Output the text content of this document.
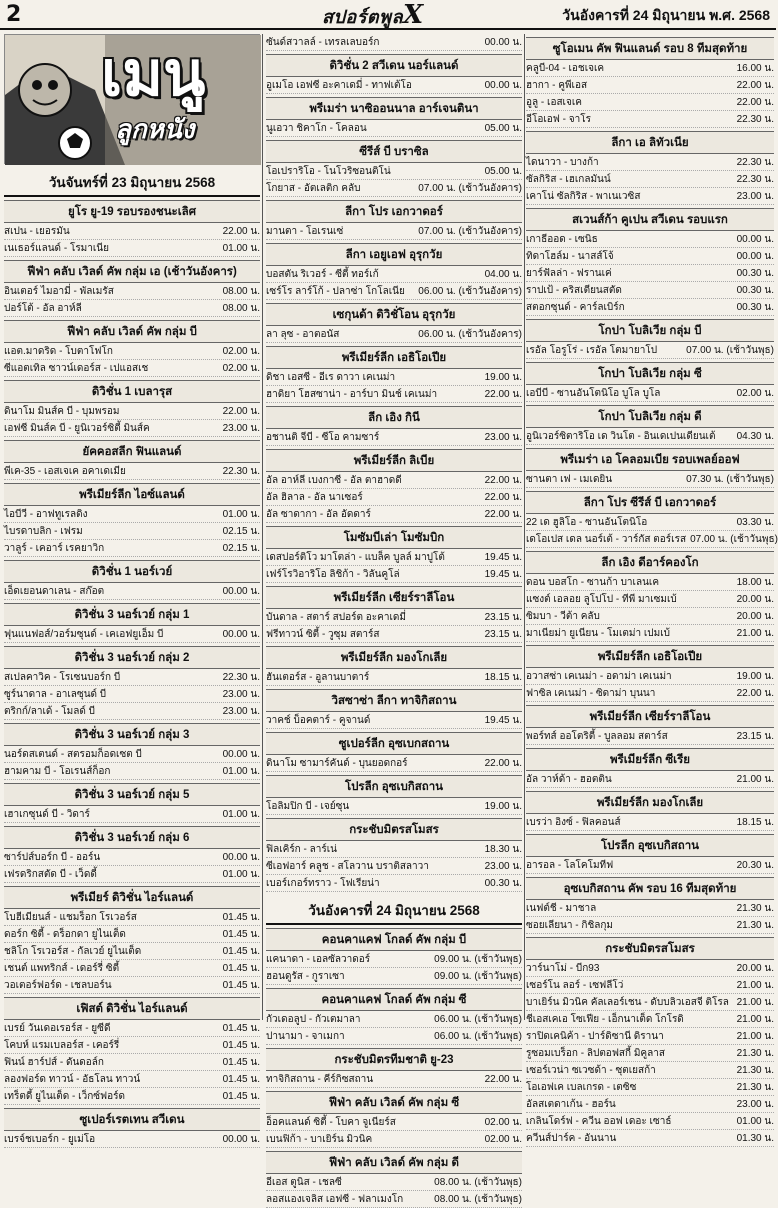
2	สปอร์ตพูลX	วันอังคารที่ 24 มิถุนายน พ.ศ. 2568
เมนู
ลูกหนัง
วันจันทร์ที่ 23 มิถุนายน 2568
ยูโร ยู-19 รอบรองชนะเลิศ
สเปน - เยอรมัน	22.00 น.
เนเธอร์แลนด์ - โรมาเนีย	01.00 น.
ฟีฟ่า คลับ เวิลด์ คัพ กลุ่ม เอ (เช้าวันอังคาร)
อินเตอร์ ไมอามี่ - พัลเมรัส	08.00 น.
ปอร์โต้ - อัล อาห์ลี	08.00 น.
ฟีฟ่า คลับ เวิลด์ คัพ กลุ่ม บี
แอต.มาดริด - โบตาโฟโก	02.00 น.
ซีแอตเทิล ซาวน์เดอร์ส - เปแอสเช	02.00 น.
ดิวิชั่น 1 เบลารุส
ดินาโม มินส์ค บี - บุมพรอม	22.00 น.
เอฟซี มินส์ค บี - ยูนิเวอร์ซิตี้ มินส์ค	23.00 น.
ยัคคอสลีก ฟินแลนด์
พีเค-35 - เอสเจเค อคาเดเมีย	22.30 น.
พรีเมียร์ลีก ไอซ์แลนด์
ไอบีวี - อาฟทูเรลดิง	01.00 น.
ไบรดาบลิก - เฟรม	02.15 น.
วาลูร์ - เคอาร์ เรคยาวิก	02.15 น.
ดิวิชั่น 1 นอร์เวย์
เอ็ดเยอนดาเลน - สก๊อต	00.00 น.
ดิวิชั่น 3 นอร์เวย์ กลุ่ม 1
ฟุนแนฟอส์/วอร์มซุนด์ - เคเอฟยูเอ็ม บี	00.00 น.
ดิวิชั่น 3 นอร์เวย์ กลุ่ม 2
สเปลคาวิค - โรเซนบอร์ก บี	22.30 น.
ซูร์นาดาล - อาเลซุนด์ บี	23.00 น.
ตริกก์/ลาเด้ - โมลด์ บี	23.00 น.
ดิวิชั่น 3 นอร์เวย์ กลุ่ม 3
นอร์ดสเตนด์ - สตรอมก็อดเซต บี	00.00 น.
ฮามคาม บี - โอเรนส์ก็อก	01.00 น.
ดิวิชั่น 3 นอร์เวย์ กลุ่ม 5
เฮาเกซุนด์ บี - วิดาร์	01.00 น.
ดิวิชั่น 3 นอร์เวย์ กลุ่ม 6
ซาร์ปส์บอร์ก บี - ออร์น	00.00 น.
เฟรดริกสตัด บี - เว็ดดี้	01.00 น.
พรีเมียร์ ดิวิชั่น ไอร์แลนด์
โบฮีเมียนส์ - แชมร็อก โรเวอร์ส	01.45 น.
ดอร์ก ซิตี้ - ดร็อกดา ยูไนเต็ด	01.45 น.
ชลิโก โรเวอร์ส - กัลเวย์ ยูไนเต็ด	01.45 น.
เชนต์ แพทริกส์ - เดอร์รี่ ซิตี้	01.45 น.
วอเตอร์ฟอร์ด - เชลบอร์น	01.45 น.
เฟิสต์ ดิวิชั่น ไอร์แลนด์
เบรย์ วันเดอเรอร์ส - ยูซีดี	01.45 น.
โคบห์ แรมเบลอร์ส - เคอร์รี่	01.45 น.
ฟินน์ ฮาร์ปส์ - ดันดอล์ก	01.45 น.
ลองฟอร์ด ทาวน์ - อัธโลน ทาวน์	01.45 น.
เทร็ตดี้ ยูไนเต็ด - เว็กซ์ฟอร์ด	01.45 น.
ซูเปอร์เรตเทน สวีเดน
เบรจ์ชเบอร์ก - ยูเม่โอ	00.00 น.
ซันด์สวาลล์ - เทรลเลบอร์ก	00.00 น.
ดิวิชั่น 2 สวีเดน นอร์แลนด์
อูเมโอ เอฟซี อะคาเดมี่ - ทาฟเต้โอ	00.00 น.
พรีเมร่า นาซิออนนาล อาร์เจนตินา
นูเอวา ชิคาโก - โคลอน	05.00 น.
ซีรีส์ บี บราซิล
โอเปราริโอ - โนโวริซอนติโน่	05.00 น.
โกยาส - อัตเลติก คลับ	07.00 น. (เช้าวันอังคาร)
ลีกา โปร เอกวาดอร์
มานตา - โอเรนเซ่	07.00 น. (เช้าวันอังคาร)
ลีกา เอยูเอฟ อุรุกวัย
บอสตัน ริเวอร์ - ซีตี้ ทอร์เก้	04.00 น.
เซร์โร ลาร์โก้ - ปลาซ่า โกโลเนีย	06.00 น. (เช้าวันอังคาร)
เซกุนด้า ดิวิชั่โอน อุรุกวัย
ลา ลุซ - อาตอนัส	06.00 น. (เช้าวันอังคาร)
พรีเมียร์ลีก เอธิโอเปีย
ดิชา เอสซี - อีเร ดาวา เคเนม่า	19.00 น.
ฮาดิยา โฮสซาน่า - อาร์บา มินช์ เคเนม่า	22.00 น.
ลีก เอิง กินี
อชานติ จีบี - ซีโอ คามซาร์	23.00 น.
พรีเมียร์ลีก ลิเบีย
อัล อาห์ลี เบงกาซี - อัล ตาฮาดดี	22.00 น.
อัล ฮิลาล - อัล นาเซอร์	22.00 น.
อัล ซาดากา - อัล อัดดาร์	22.00 น.
โมซัมบีเล่า โมซัมบิก
เดสปอร์ติโว มาโตล่า - แบล็ค บูลล์ มาปูโต้	19.45 น.
เฟร์โรวิอาริโอ ลิชิก้า - วิลันคูโล่	19.45 น.
พรีเมียร์ลีก เซียร์ราลีโอน
บันดาล - สตาร์ สปอร์ต อะคาเดมี่	23.15 น.
ฟรีทาวน์ ซิตี้ - วูซุม สตาร์ส	23.15 น.
พรีเมียร์ลีก มองโกเลีย
ฮันเตอร์ส - อูลานบาตาร์	18.15 น.
วิสซาซ่า ลีกา ทาจิกิสถาน
วาคช์ บ็อคตาร์ - คูจานด์	19.45 น.
ซูเปอร์ลีก อุซเบกสถาน
ดินาโม ซามาร์คันด์ - บุนยอดกอร์	22.00 น.
โปรลีก อุซเบกิสถาน
โอลิมปิก บี - เจย์ซุน	19.00 น.
กระชับมิตรสโมสร
ฟิลเคิร์ก - ลาร์เน่	18.30 น.
ซีเอฟอาร์ คลูช - สโลวาน บราติสลาวา	23.00 น.
เบอร์เกอร์ทราว - โฟเรียน่า	00.30 น.
วันอังคารที่ 24 มิถุนายน 2568
คอนคาแคฟ โกลด์ คัพ กลุ่ม บี
แคนาดา - เอลซัลวาดอร์	09.00 น. (เช้าวันพุธ)
ฮอนดูรัส - กูราเซา	09.00 น. (เช้าวันพุธ)
คอนคาแคฟ โกลด์ คัพ กลุ่ม ซี
กัวเดอลูป - กัวเตมาลา	06.00 น. (เช้าวันพุธ)
ปานามา - จาเมกา	06.00 น. (เช้าวันพุธ)
กระชับมิตรทีมชาติ ยู-23
ทาจิกิสถาน - คีร์กิซสถาน	22.00 น.
ฟีฟ่า คลับ เวิลด์ คัพ กลุ่ม ซี
อ็อคแลนด์ ซิตี้ - โบคา จูเนียร์ส	02.00 น.
เบนฟิก้า - บาเยิร์น มิวนิค	02.00 น.
ฟีฟ่า คลับ เวิลด์ คัพ กลุ่ม ดี
อีเอส ตูนิส - เชลซี	08.00 น. (เช้าวันพุธ)
ลอสแองเจลิส เอฟซี - ฟลาเมงโก	08.00 น. (เช้าวันพุธ)
ซูโอเมน คัพ ฟินแลนด์ รอบ 8 ทีมสุดท้าย
คลูบี-04 - เอชเจเค	16.00 น.
ฮากา - คูพีเอส	22.00 น.
อูลู - เอสเจเค	22.00 น.
อีโอเอฟ - จาโร	22.30 น.
ลีกา เอ ลิทัวเนีย
ไดนาวา - บางก้า	22.30 น.
ซัลกิริส - เฮเกลมันน์	22.30 น.
เคาโน่ ซัลกิริส - พาเนเวซิส	23.00 น.
สเวนส์ก้า คูเปน สวีเดน รอบแรก
เกาธีออด - เซนิธ	00.00 น.
ทิดาโฮล์ม - นาสส์โจ้	00.00 น.
ยาร์ฟัลล่า - ฟรานเค่	00.30 น.
ราปเป้ - คริสเตียนสตัด	00.30 น.
สตอกซุนด์ - คาร์ลเบิร์ก	00.30 น.
โกปา โบลิเวีย กลุ่ม บี
เรอัล โอรูโร่ - เรอัล โตมายาโป	07.00 น. (เช้าวันพุธ)
โกปา โบลิเวีย กลุ่ม ซี
เอบีบี - ซานอันโตนิโอ บูโล บูโล	02.00 น.
โกปา โบลิเวีย กลุ่ม ดี
อูนิเวอร์ซิตาริโอ เด วินโต - อินเดเปนเดียนเต้	04.30 น.
พรีเมร่า เอ โคลอมเบีย รอบเพลย์ออฟ
ซานตา เฟ - เมเดยิน	07.30 น. (เช้าวันพุธ)
ลีกา โปร ซีรีส์ บี เอกวาดอร์
22 เด ฮูลิโอ - ซานอันโตนิโอ	03.30 น.
เดโอเปส เดล นอร์เต้ - วาร์กัส ตอร์เรส 07.00 น. (เช้าวันพุธ)
ลีก เอิง ดีอาร์คองโก
ดอน บอสโก - ซานก้า บาเลนเค	18.00 น.
แซงต์ เอลอย ลูโปโป - ทีพี มาเซมเบ้	20.00 น.
ซิมบา - วีต้า คลับ	20.00 น.
มาเนียม่า ยูเนียน - โมเตม่า เปมเบ้	21.00 น.
พรีเมียร์ลีก เอธิโอเปีย
อวาสซ่า เคเนม่า - อดาม่า เคเนม่า	19.00 น.
ฟาซิล เคเนม่า - ซิดาม่า บุนนา	22.00 น.
พรีเมียร์ลีก เซียร์ราลีโอน
พอร์ทส์ ออโตริตี้ - บูลลอม สตาร์ส	23.15 น.
พรีเมียร์ลีก ซีเรีย
อัล วาห์ด้า - ฮอตติน	21.00 น.
พรีเมียร์ลีก มองโกเลีย
เบรว่า อิงซ์ - ฟิลคอนส์	18.15 น.
โปรลีก อุซเบกิสถาน
อารอล - โลโคโมทีฟ	20.30 น.
อุซเบกิสถาน คัพ รอบ 16 ทีมสุดท้าย
เนฟต์ชี - มาชาล	21.30 น.
ซอยเลียนา - กิชิลกุม	21.30 น.
กระชับมิตรสโมสร
วาร์นาโม่ - บีก93	20.00 น.
เซอร์โน ลอร์ - เซฟลีโว่	21.00 น.
บาเยิร์น มิวนิค คัลเลอร์เชน - ดับบลิวเอสจี ติโรล 21.00 น.
ชีเอสเคเอ โซเฟีย - เอ็กนาเต็ด โกโรดิ	21.00 น.
ราปิดเคนิค้า - ปาร์ดิซานี ดิรานา	21.00 น.
รูซอมเบร็อก - ลิปตอฟสกี้ มิคูลาส	21.30 น.
เซอร์เวน่า ซเวซด้า - ซุตเยสก้า	21.30 น.
โอเอฟเค เบลเกรด - เตซิซ	21.30 น.
อัลสเตดาเก้น - ฮอร์น	23.00 น.
เกลินโดร์ฟ - ควีน ออฟ เดอะ เซาธ์	01.00 น.
ควีนส์ปาร์ค - อันนาน	01.30 น.
